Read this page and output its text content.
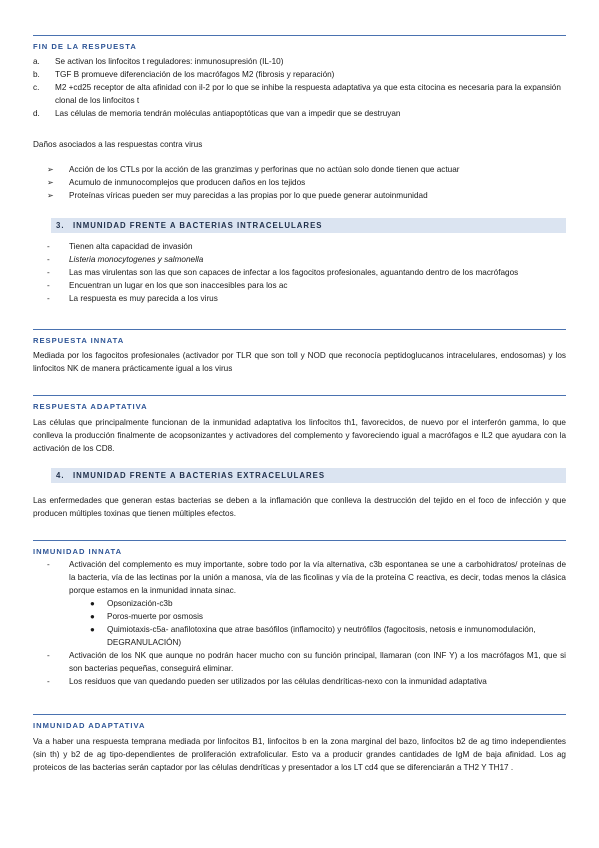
FIN DE LA RESPUESTA
a. Se activan los linfocitos t reguladores: inmunosupresión (IL-10)
b. TGF B promueve diferenciación de los macrófagos M2 (fibrosis y reparación)
c. M2 +cd25 receptor de alta afinidad con il-2 por lo que se inhibe la respuesta adaptativa ya que esta citocina es necesaria para la expansión clonal de los linfocitos t
d. Las células de memoria tendrán moléculas antiapoptóticas que van a impedir que se destruyan
Daños asociados a las respuestas contra virus
➢ Acción de los CTLs por la acción de las granzimas y perforinas que no actúan solo donde tienen que actuar
➢ Acumulo de inmunocomplejos que producen daños en los tejidos
➢ Proteínas víricas pueden ser muy parecidas a las propias por lo que puede generar autoinmunidad
3. INMUNIDAD FRENTE A BACTERIAS INTRACELULARES
- Tienen alta capacidad de invasión
- Listeria monocytogenes y salmonella
- Las mas virulentas son las que son capaces de infectar a los fagocitos profesionales, aguantando dentro de los macrófagos
- Encuentran un lugar en los que son inaccesibles para los ac
- La respuesta es muy parecida a los virus
RESPUESTA INNATA
Mediada por los fagocitos profesionales (activador por TLR que son toll y NOD que reconocía peptidoglucanos intracelulares, endosomas) y los linfocitos NK de manera prácticamente igual a los virus
RESPUESTA ADAPTATIVA
Las células que principalmente funcionan de la inmunidad adaptativa los linfocitos th1, favorecidos, de nuevo por el interferón gamma, lo que conlleva la producción finalmente de acopsonizantes y activadores del complemento y favoreciendo igual a macrófagos e IL2 que ayudara con la activación de los CD8.
4. INMUNIDAD FRENTE A BACTERIAS EXTRACELULARES
Las enfermedades que generan estas bacterias se deben a la inflamación que conlleva la destrucción del tejido en el foco de infección y que producen múltiples toxinas que tienen múltiples efectos.
INMUNIDAD INNATA
- Activación del complemento es muy importante, sobre todo por la vía alternativa, c3b espontanea se une a carbohidratos/ proteínas de la bacteria, vía de las lectinas por la unión a manosa, vía de las ficolinas y vía de la proteína C reactiva, es decir, todas menos la clásica porque estamos en la inmunidad innata sinac.
● Opsonización-c3b
● Poros-muerte por osmosis
● Quimiotaxis-c5a- anafilotoxina que atrae basófilos (inflamocito) y neutrófilos (fagocitosis, netosis e inmunomodulación, DEGRANULACIÓN)
- Activación de los NK que aunque no podrán hacer mucho con su función principal, llamaran (con INF Y) a los macrófagos M1, que si son bacterias pequeñas, conseguirá eliminar.
- Los residuos que van quedando pueden ser utilizados por las células dendríticas-nexo con la inmunidad adaptativa
INMUNIDAD ADAPTATIVA
Va a haber una respuesta temprana mediada por linfocitos B1, linfocitos b en la zona marginal del bazo, linfocitos b2 de ag timo independientes (sin th) y b2 de ag tipo-dependientes de proliferación extrafolicular. Esto va a producir grandes cantidades de IgM de baja afinidad. Los ag proteicos de las bacterias serán captador por las células dendríticas y presentador a los LT cd4 que se diferenciarán a TH2 Y TH17 .
